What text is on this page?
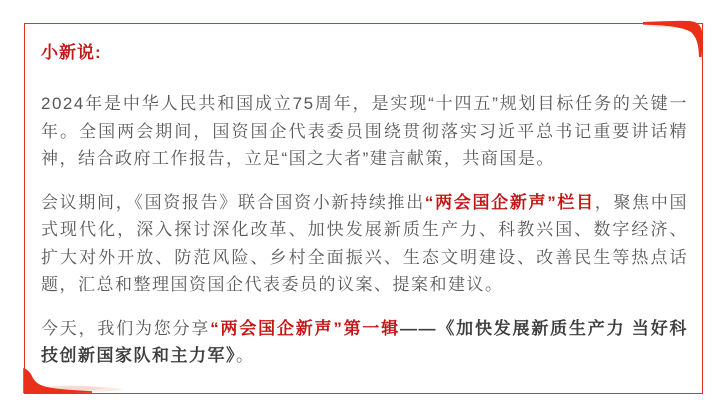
小新说:

2024年是中华人民共和国成立75周年，是实现“十四五”规划目标任务的关键一年。全国两会期间，国资国企代表委员围绕贯彻落实习近平总书记重要讲话精神，结合政府工作报告，立足“国之大者”建言献策，共商国是。

会议期间，《国资报告》联合国资小新持续推出“两会国企新声”栏目，聚焦中国式现代化，深入探讨深化改革、加快发展新质生产力、科教兴国、数字经济、扩大对外开放、防范风险、乡村全面振兴、生态文明建设、改善民生等热点话题，汇总和整理国资国企代表委员的议案、提案和建议。

今天，我们为您分享“两会国企新声”第一辑——《加快发展新质生产力 当好科技创新国家队和主力军》。
